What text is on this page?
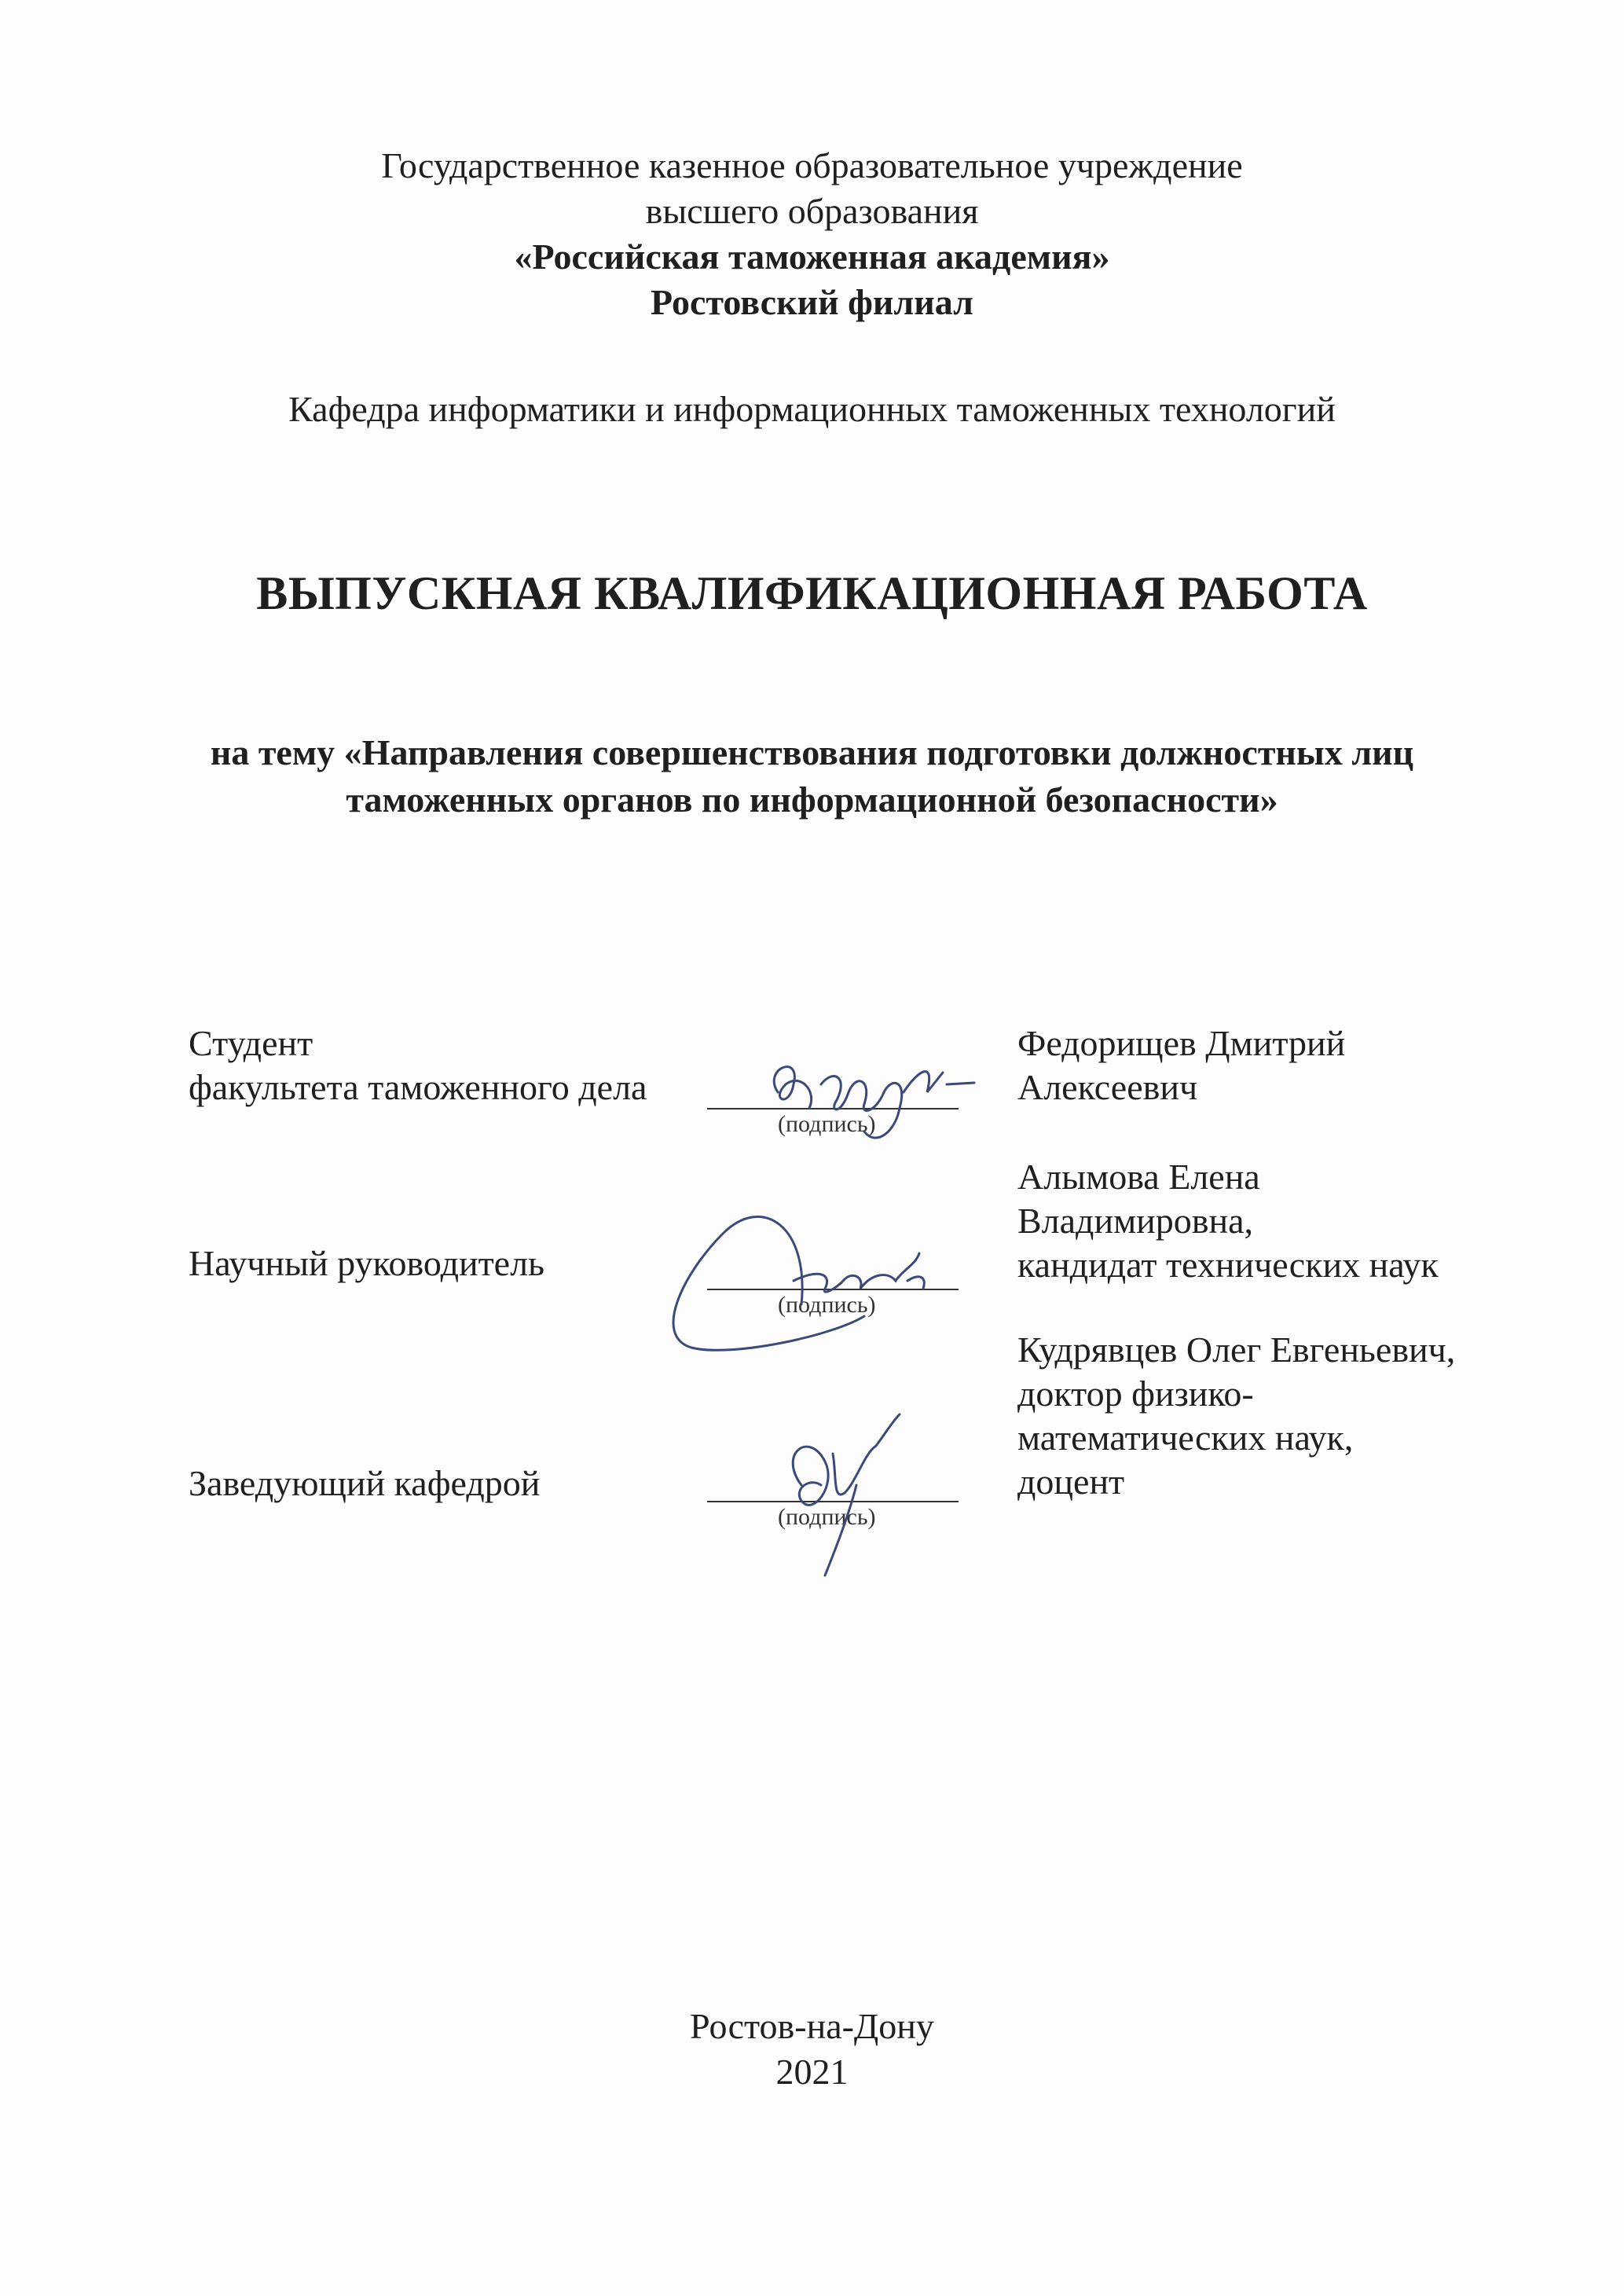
Государственное казенное образовательное учреждение
высшего образования
«Российская таможенная академия»
Ростовский филиал
Кафедра информатики и информационных таможенных технологий
ВЫПУСКНАЯ КВАЛИФИКАЦИОННАЯ РАБОТА
на тему «Направления совершенствования подготовки должностных лиц
таможенных органов по информационной безопасности»
Студент
факультета таможенного дела
(подпись)
Федорищев Дмитрий
Алексеевич
Научный руководитель
(подпись)
Алымова Елена
Владимировна,
кандидат технических наук
Заведующий кафедрой
(подпись)
Кудрявцев Олег Евгеньевич,
доктор физико-
математических наук,
доцент
Ростов-на-Дону
2021
